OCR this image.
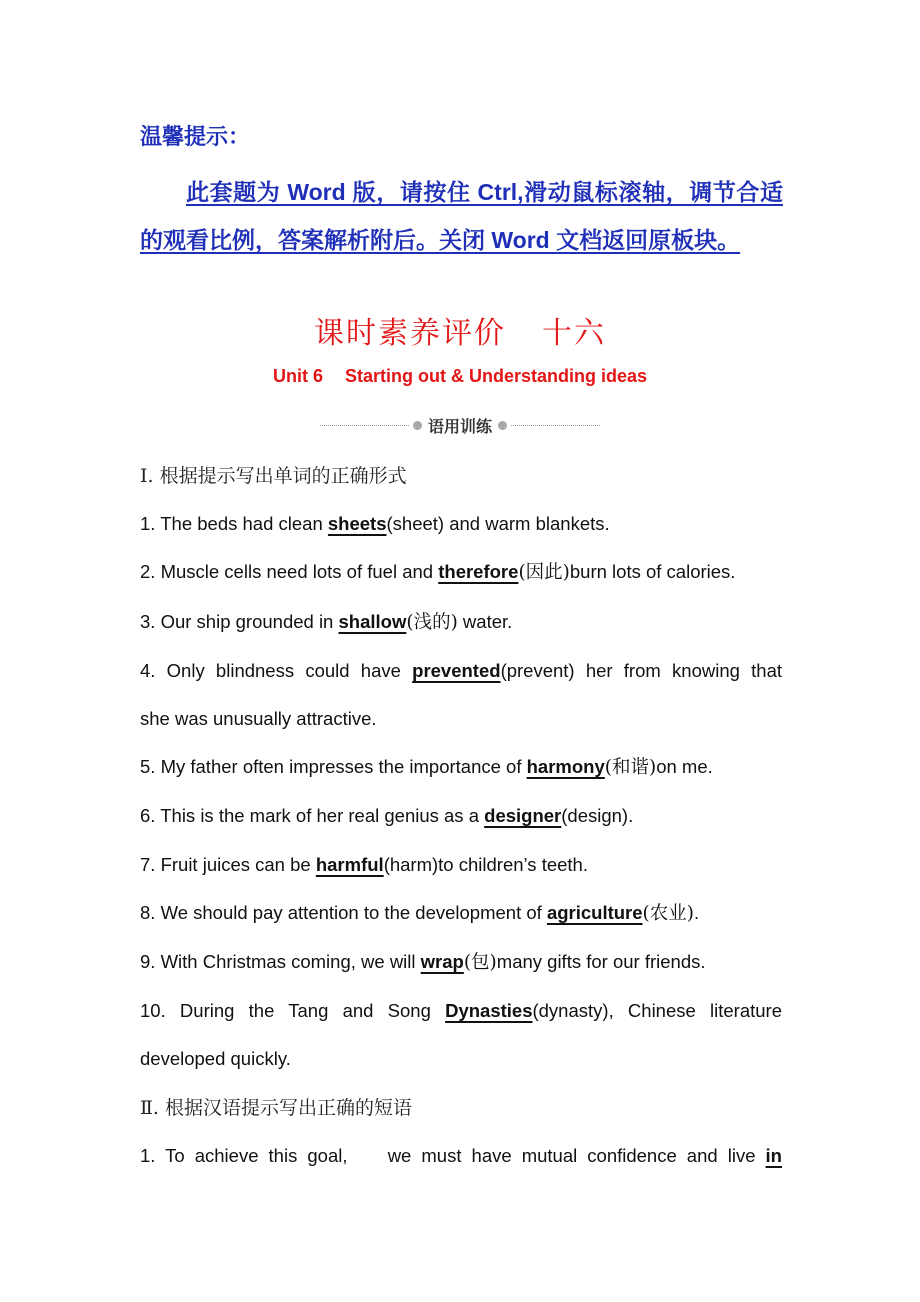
温馨提示：
此套题为 Word 版，请按住 Ctrl,滑动鼠标滚轴，调节合适的观看比例，答案解析附后。关闭 Word 文档返回原板块。
课时素养评价 十六
Unit 6 Starting out & Understanding ideas
语用训练
Ⅰ. 根据提示写出单词的正确形式
1. The beds had clean sheets(sheet) and warm blankets.
2. Muscle cells need lots of fuel and therefore(因此)burn lots of calories.
3. Our ship grounded in shallow(浅的) water.
4. Only blindness could have prevented(prevent) her from knowing that
she was unusually attractive.
5. My father often impresses the importance of harmony(和谐)on me.
6. This is the mark of her real genius as a designer(design).
7. Fruit juices can be harmful(harm)to children’s teeth.
8. We should pay attention to the development of agriculture(农业).
9. With Christmas coming, we will wrap(包)many gifts for our friends.
10. During the Tang and Song Dynasties(dynasty), Chinese literature
developed quickly.
Ⅱ. 根据汉语提示写出正确的短语
1. To achieve this goal,    we must have mutual confidence and live in
